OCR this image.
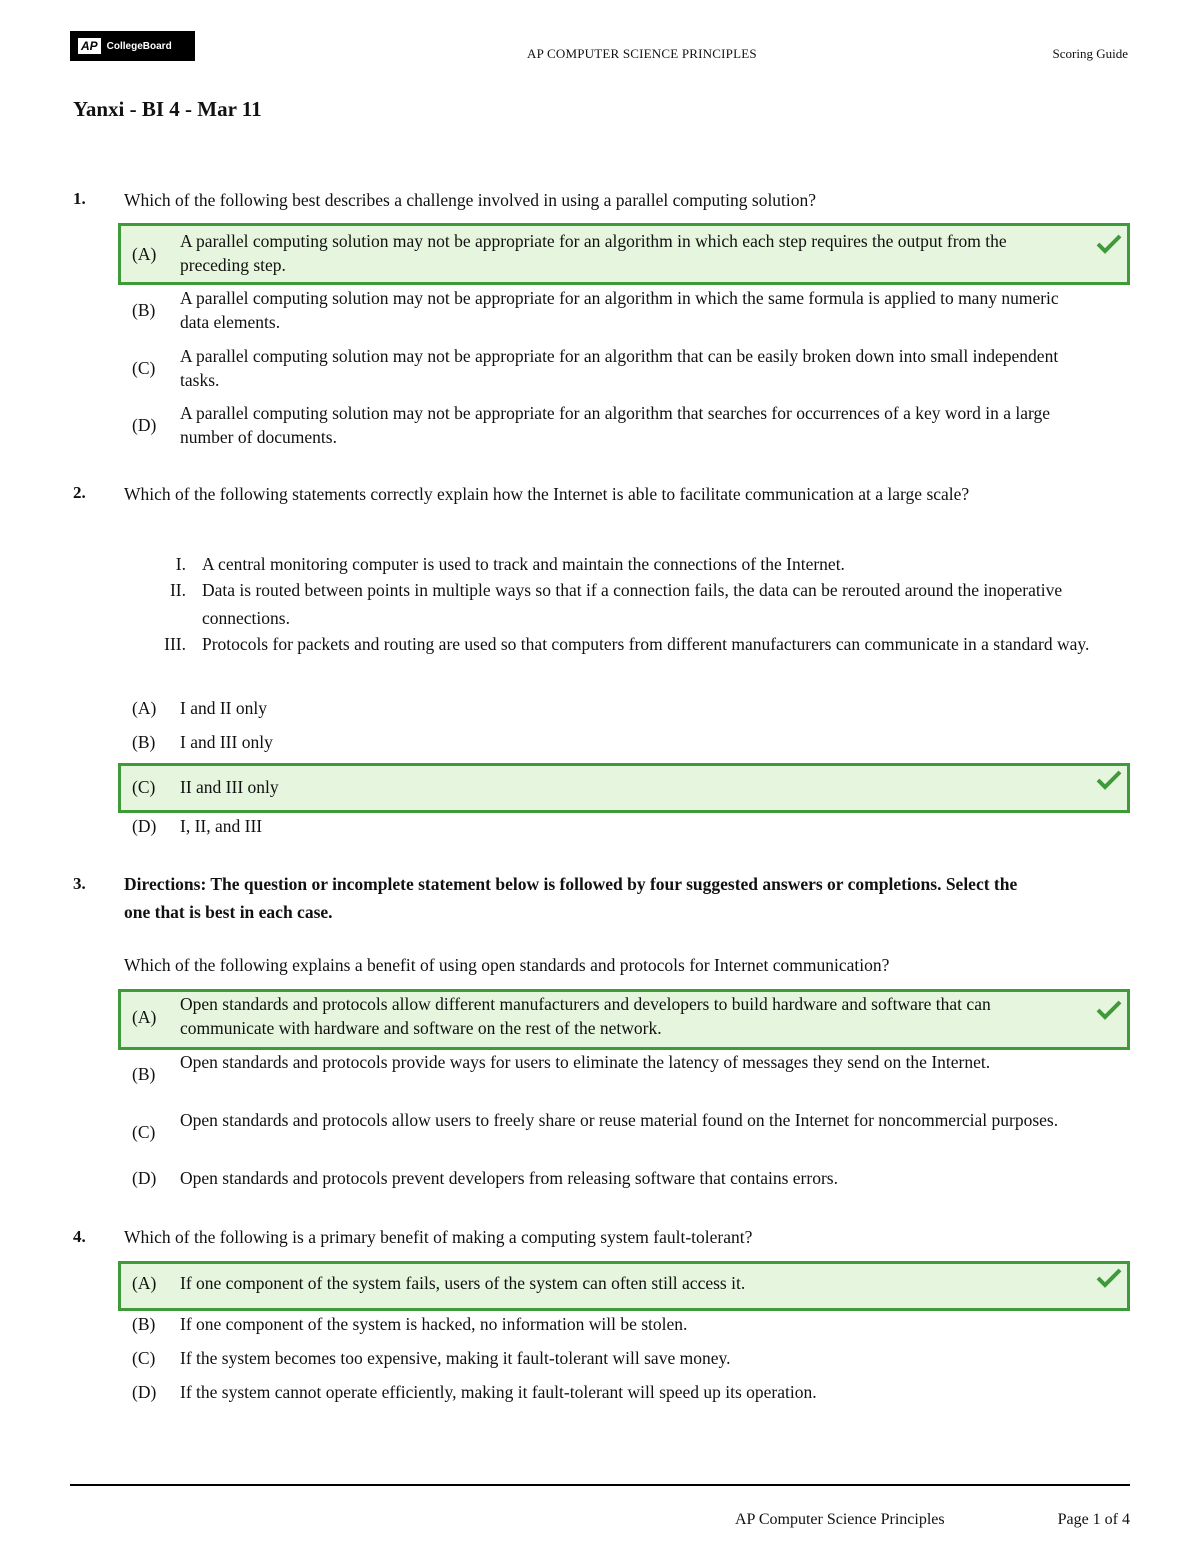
AP CollegeBoard	AP COMPUTER SCIENCE PRINCIPLES	Scoring Guide
Yanxi - BI 4 - Mar 11
1. Which of the following best describes a challenge involved in using a parallel computing solution?
(A)
A parallel computing solution may not be appropriate for an algorithm in which each step requires the output from the preceding step.
(B)
A parallel computing solution may not be appropriate for an algorithm in which the same formula is applied to many numeric data elements.
(C)
A parallel computing solution may not be appropriate for an algorithm that can be easily broken down into small independent tasks.
(D)
A parallel computing solution may not be appropriate for an algorithm that searches for occurrences of a key word in a large number of documents.
2. Which of the following statements correctly explain how the Internet is able to facilitate communication at a large scale?
I. A central monitoring computer is used to track and maintain the connections of the Internet.
II. Data is routed between points in multiple ways so that if a connection fails, the data can be rerouted around the inoperative connections.
III. Protocols for packets and routing are used so that computers from different manufacturers can communicate in a standard way.
(A) I and II only
(B) I and III only
(C) II and III only
(D) I, II, and III
3. Directions: The question or incomplete statement below is followed by four suggested answers or completions. Select the one that is best in each case.
Which of the following explains a benefit of using open standards and protocols for Internet communication?
(A)
Open standards and protocols allow different manufacturers and developers to build hardware and software that can communicate with hardware and software on the rest of the network.
(B)
Open standards and protocols provide ways for users to eliminate the latency of messages they send on the Internet.
(C)
Open standards and protocols allow users to freely share or reuse material found on the Internet for noncommercial purposes.
(D) Open standards and protocols prevent developers from releasing software that contains errors.
4. Which of the following is a primary benefit of making a computing system fault-tolerant?
(A) If one component of the system fails, users of the system can often still access it.
(B) If one component of the system is hacked, no information will be stolen.
(C) If the system becomes too expensive, making it fault-tolerant will save money.
(D) If the system cannot operate efficiently, making it fault-tolerant will speed up its operation.
AP Computer Science Principles	Page 1 of 4
